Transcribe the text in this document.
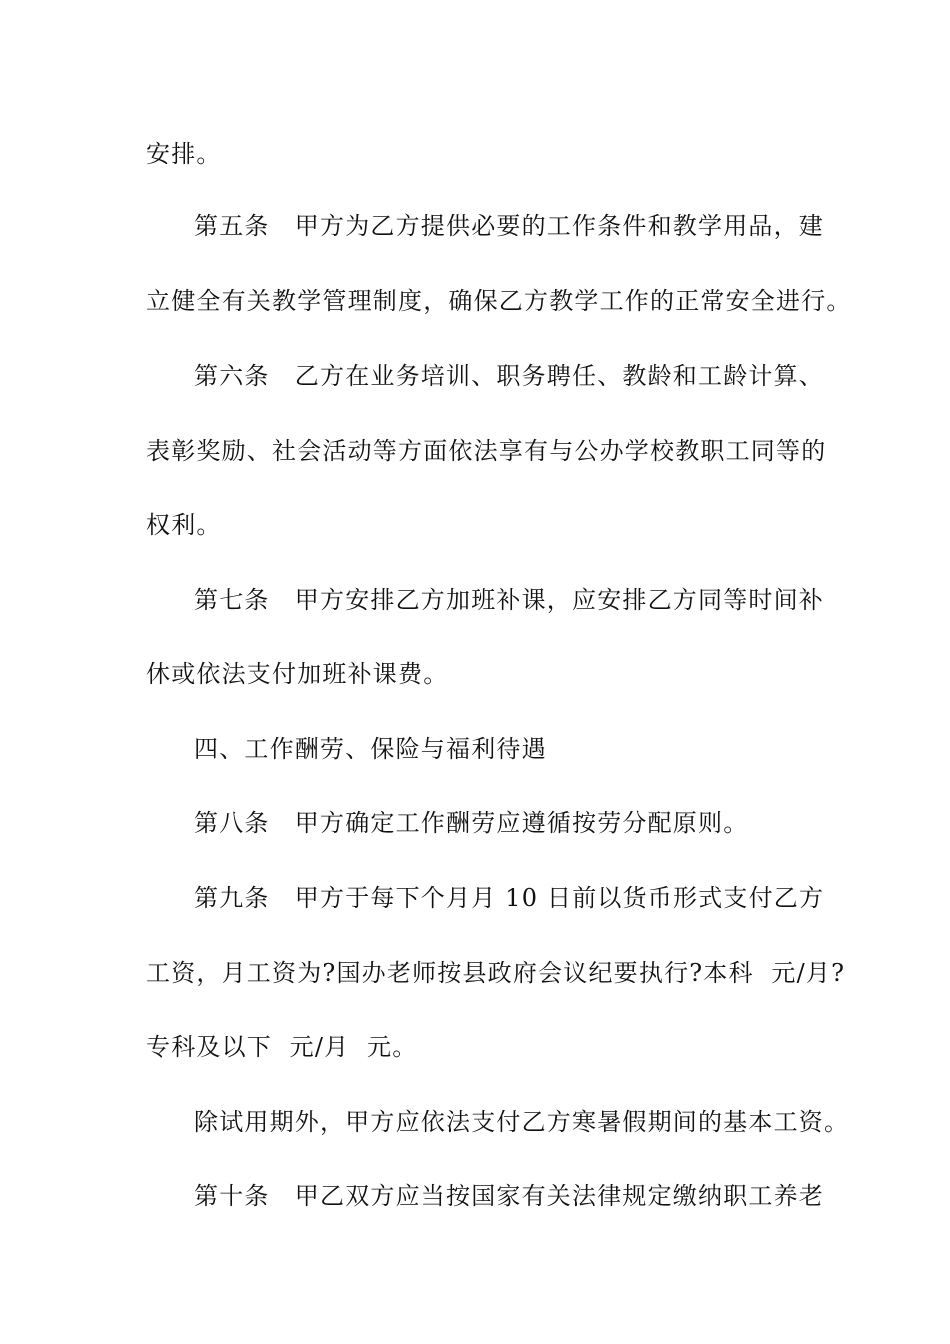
安排。
第五条　甲方为乙方提供必要的工作条件和教学用品，建
立健全有关教学管理制度，确保乙方教学工作的正常安全进行。
第六条　乙方在业务培训、职务聘任、教龄和工龄计算、
表彰奖励、社会活动等方面依法享有与公办学校教职工同等的
权利。
第七条　甲方安排乙方加班补课，应安排乙方同等时间补
休或依法支付加班补课费。
四、工作酬劳、保险与福利待遇
第八条　甲方确定工作酬劳应遵循按劳分配原则。
第九条　甲方于每下个月月 10 日前以货币形式支付乙方
工资，月工资为?国办老师按县政府会议纪要执行?本科  元/月?
专科及以下  元/月  元。
除试用期外，甲方应依法支付乙方寒暑假期间的基本工资。
第十条　甲乙双方应当按国家有关法律规定缴纳职工养老
